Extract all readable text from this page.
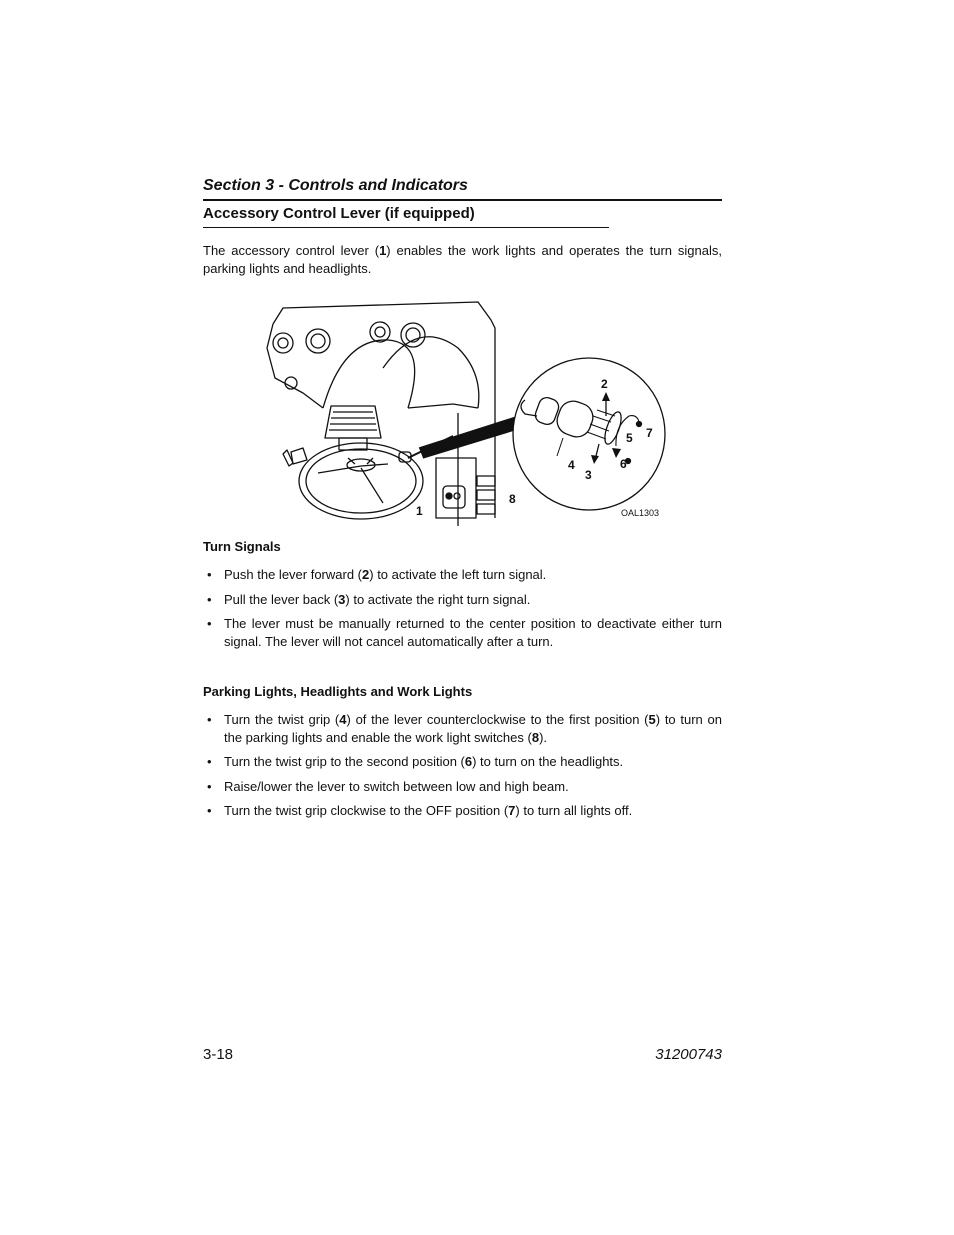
Section 3 - Controls and Indicators
Accessory Control Lever (if equipped)

The accessory control lever (1) enables the work lights and operates the turn signals, parking lights and headlights.

2
3
4
5
6
7
1
8
OAL1303
Turn Signals
• Push the lever forward (2) to activate the left turn signal.
• Pull the lever back (3) to activate the right turn signal.
• The lever must be manually returned to the center position to deactivate either turn signal. The lever will not cancel automatically after a turn.
Parking Lights, Headlights and Work Lights
• Turn the twist grip (4) of the lever counterclockwise to the first position (5) to turn on the parking lights and enable the work light switches (8).
• Turn the twist grip to the second position (6) to turn on the headlights.
• Raise/lower the lever to switch between low and high beam.
• Turn the twist grip clockwise to the OFF position (7) to turn all lights off.
3-18	31200743
